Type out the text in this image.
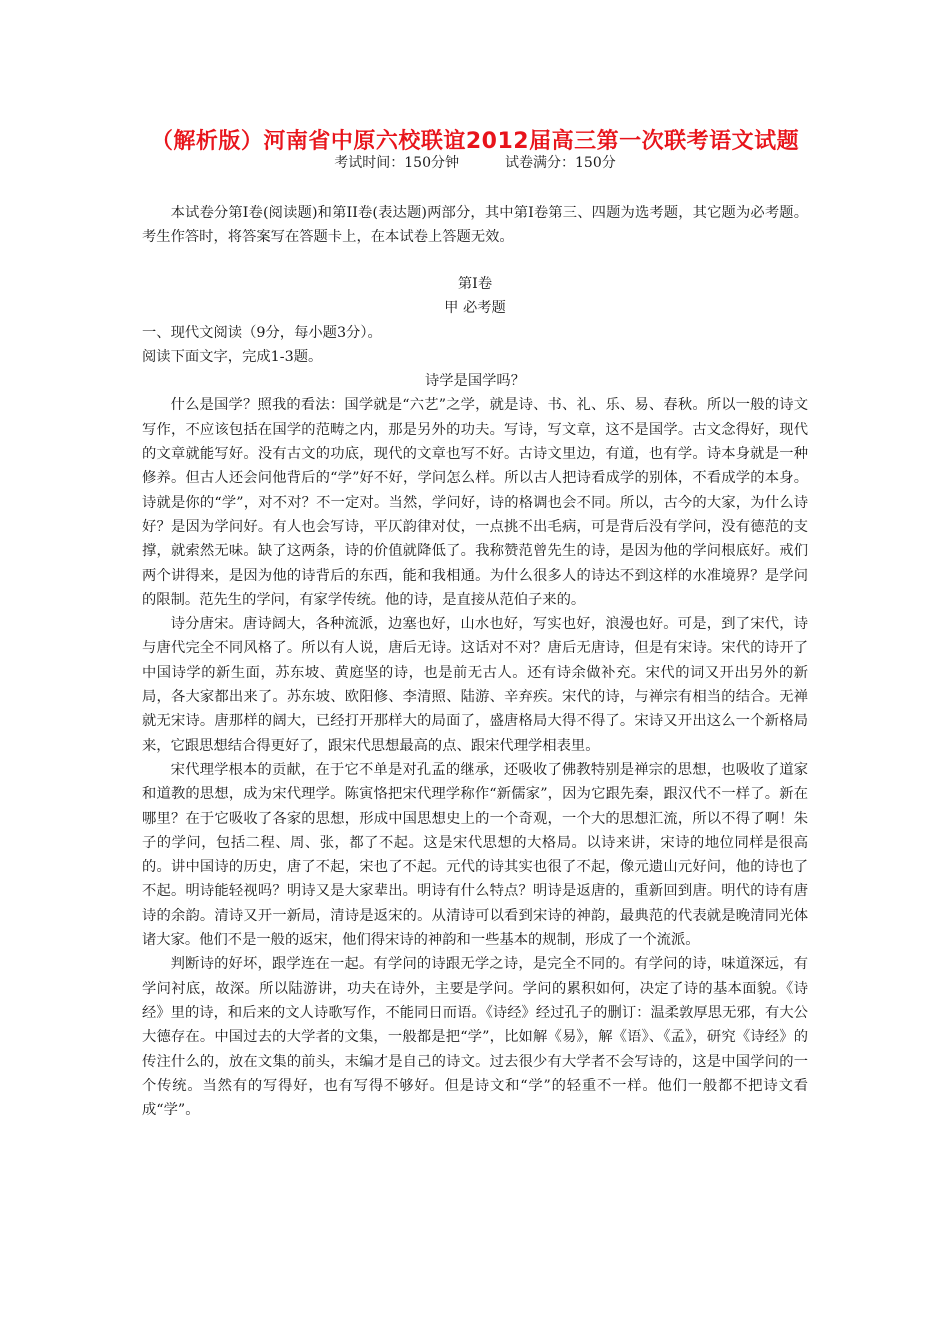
（解析版）河南省中原六校联谊2012届高三第一次联考语文试题
考试时间：150分钟	试卷满分：150分

本试卷分第Ⅰ卷(阅读题)和第II卷(表达题)两部分，其中第Ⅰ卷第三、四题为选考题，其它题为必考题。考生作答时，将答案写在答题卡上，在本试卷上答题无效。

第Ⅰ卷

甲 必考题

一、现代文阅读（9分，每小题3分）。

阅读下面文字，完成1-3题。

诗学是国学吗？

什么是国学？照我的看法：国学就是“六艺”之学，就是诗、书、礼、乐、易、春秋。所以一般的诗文写作，不应该包括在国学的范畴之内，那是另外的功夫。写诗，写文章，这不是国学。古文念得好，现代的文章就能写好。没有古文的功底，现代的文章也写不好。古诗文里边，有道，也有学。诗本身就是一种修养。但古人还会问他背后的“学”好不好，学问怎么样。所以古人把诗看成学的别体，不看成学的本身。诗就是你的“学”，对不对？不一定对。当然，学问好，诗的格调也会不同。所以，古今的大家，为什么诗好？是因为学问好。有人也会写诗，平仄韵律对仗，一点挑不出毛病，可是背后没有学问，没有德范的支撑，就索然无味。缺了这两条，诗的价值就降低了。我称赞范曾先生的诗，是因为他的学问根底好。戒们两个讲得来，是因为他的诗背后的东西，能和我相通。为什么很多人的诗达不到这样的水准境界？是学问的限制。范先生的学问，有家学传统。他的诗，是直接从范伯子来的。

诗分唐宋。唐诗阔大，各种流派，边塞也好，山水也好，写实也好，浪漫也好。可是，到了宋代，诗与唐代完全不同风格了。所以有人说，唐后无诗。这话对不对？唐后无唐诗，但是有宋诗。宋代的诗开了中国诗学的新生面，苏东坡、黄庭坚的诗，也是前无古人。还有诗余做补充。宋代的词又开出另外的新局，各大家都出来了。苏东坡、欧阳修、李清照、陆游、辛弃疾。宋代的诗，与禅宗有相当的结合。无禅就无宋诗。唐那样的阔大，已经打开那样大的局面了，盛唐格局大得不得了。宋诗又开出这么一个新格局来，它跟思想结合得更好了，跟宋代思想最高的点、跟宋代理学相表里。

宋代理学根本的贡献，在于它不单是对孔孟的继承，还吸收了佛教特别是禅宗的思想，也吸收了道家和道教的思想，成为宋代理学。陈寅恪把宋代理学称作“新儒家”，因为它跟先秦，跟汉代不一样了。新在哪里？在于它吸收了各家的思想，形成中国思想史上的一个奇观，一个大的思想汇流，所以不得了啊！朱子的学问，包括二程、周、张，都了不起。这是宋代思想的大格局。以诗来讲，宋诗的地位同样是很高的。讲中国诗的历史，唐了不起，宋也了不起。元代的诗其实也很了不起，像元遗山元好问，他的诗也了不起。明诗能轻视吗？明诗又是大家辈出。明诗有什么特点？明诗是返唐的，重新回到唐。明代的诗有唐诗的余韵。清诗又开一新局，清诗是返宋的。从清诗可以看到宋诗的神韵，最典范的代表就是晚清同光体诸大家。他们不是一般的返宋，他们得宋诗的神韵和一些基本的规制，形成了一个流派。

判断诗的好坏，跟学连在一起。有学问的诗跟无学之诗，是完全不同的。有学问的诗，味道深远，有学问衬底，故深。所以陆游讲，功夫在诗外，主要是学问。学问的累积如何，决定了诗的基本面貌。《诗经》里的诗，和后来的文人诗歌写作，不能同日而语。《诗经》经过孔子的删订：温柔敦厚思无邪，有大公大德存在。中国过去的大学者的文集，一般都是把“学”，比如解《易》，解《语》、《孟》，研究《诗经》的传注什么的，放在文集的前头，末编才是自己的诗文。过去很少有大学者不会写诗的，这是中国学问的一个传统。当然有的写得好，也有写得不够好。但是诗文和“学”的轻重不一样。他们一般都不把诗文看成“学”。
